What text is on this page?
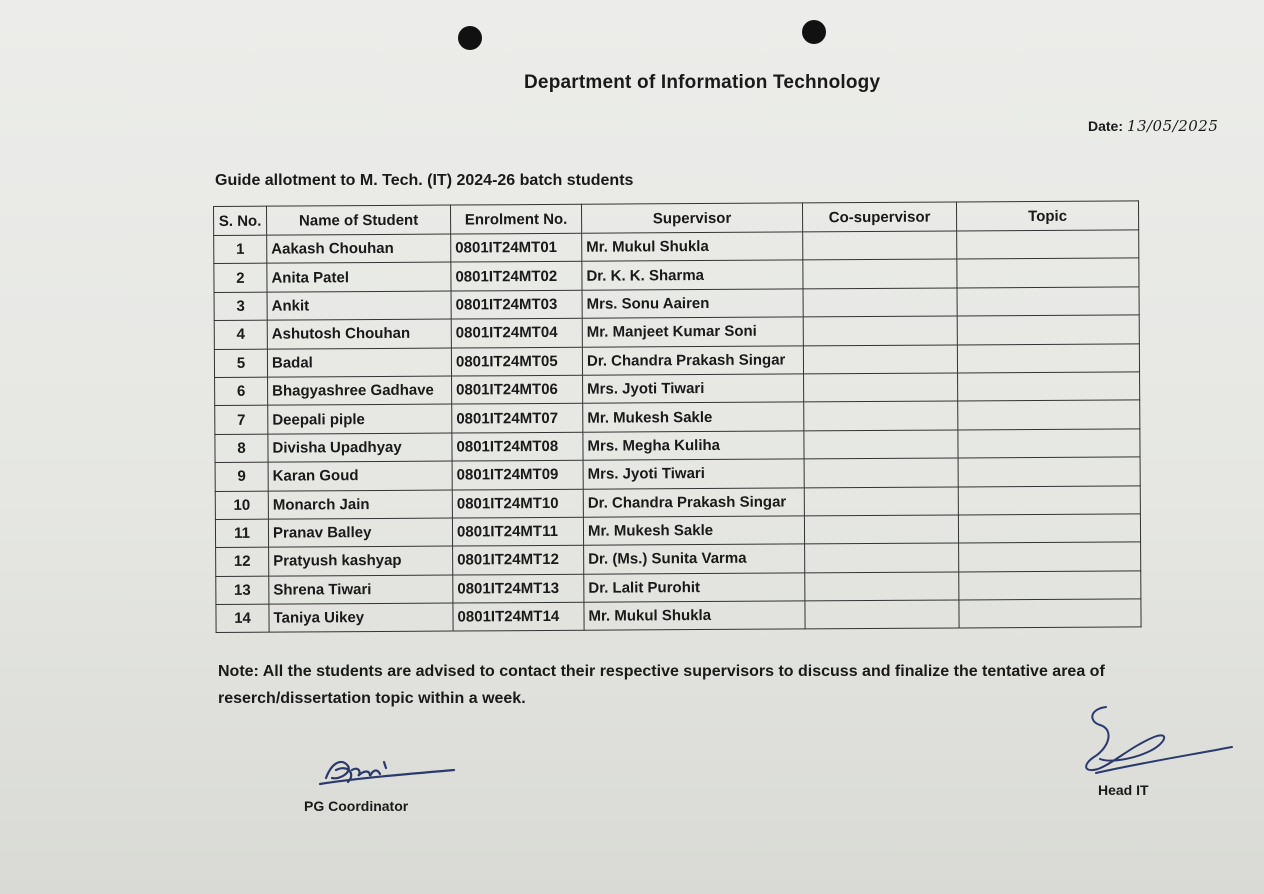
Department of Information Technology
Date: 13/05/2025
Guide allotment to M. Tech. (IT) 2024-26 batch students
S. No.	Name of Student	Enrolment No.	Supervisor	Co-supervisor	Topic
1	Aakash Chouhan	0801IT24MT01	Mr. Mukul Shukla		
2	Anita Patel	0801IT24MT02	Dr. K. K. Sharma		
3	Ankit	0801IT24MT03	Mrs. Sonu Aairen		
4	Ashutosh Chouhan	0801IT24MT04	Mr. Manjeet Kumar Soni		
5	Badal	0801IT24MT05	Dr. Chandra Prakash Singar		
6	Bhagyashree Gadhave	0801IT24MT06	Mrs. Jyoti Tiwari		
7	Deepali piple	0801IT24MT07	Mr. Mukesh Sakle		
8	Divisha Upadhyay	0801IT24MT08	Mrs. Megha Kuliha		
9	Karan Goud	0801IT24MT09	Mrs. Jyoti Tiwari		
10	Monarch Jain	0801IT24MT10	Dr. Chandra Prakash Singar		
11	Pranav Balley	0801IT24MT11	Mr. Mukesh Sakle		
12	Pratyush kashyap	0801IT24MT12	Dr. (Ms.) Sunita Varma		
13	Shrena Tiwari	0801IT24MT13	Dr. Lalit Purohit		
14	Taniya Uikey	0801IT24MT14	Mr. Mukul Shukla		
Note: All the students are advised to contact their respective supervisors to discuss and finalize the tentative area of reserch/dissertation topic within a week.
PG Coordinator
Head IT
